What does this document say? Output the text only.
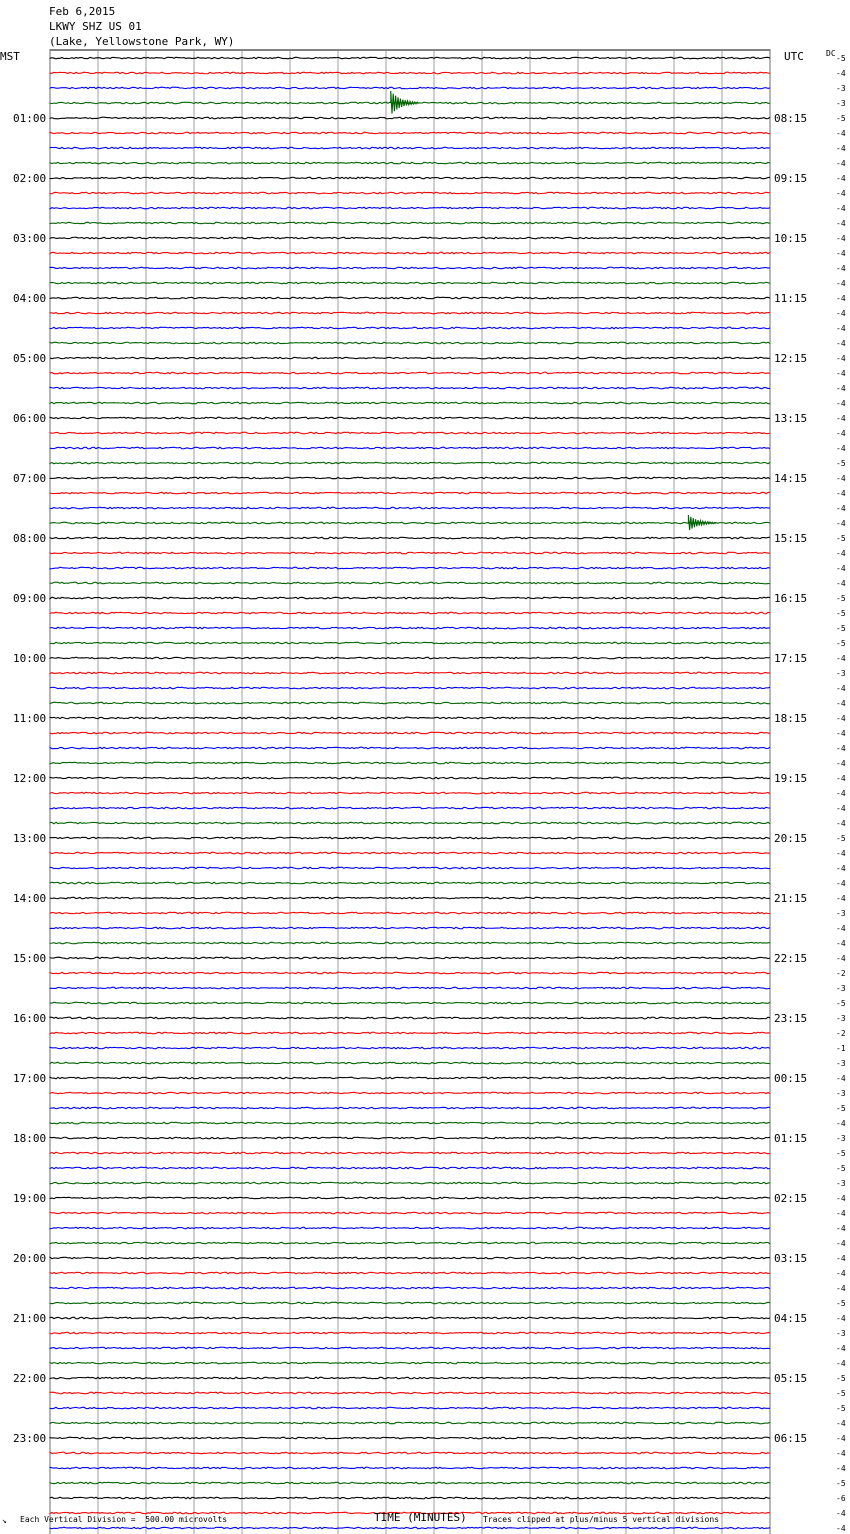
-5
-4
-3
-3
-5
-4
-4
-4
-4
-4
-4
-4
-4
-4
-4
-4
-4
-4
-4
-4
-4
-4
-4
-4
-4
-4
-4
-5
-4
-4
-4
-4
-5
-4
-4
-4
-5
-5
-5
-5
-4
-3
-4
-4
-4
-4
-4
-4
-4
-4
-4
-4
-5
-4
-4
-4
-4
-3
-4
-4
-4
-2
-3
-5
-3
-2
-1
-3
-4
-3
-5
-4
-3
-5
-5
-3
-4
-4
-4
-4
-4
-4
-4
-5
-4
-3
-4
-4
-5
-5
-5
-4
-4
-4
-4
-5
-6
-4
-4
01:00	08:15
02:00	09:15
03:00	10:15
04:00	11:15
05:00	12:15
06:00	13:15
07:00	14:15
08:00	15:15
09:00	16:15
10:00	17:15
11:00	18:15
12:00	19:15
13:00	20:15
14:00	21:15
15:00	22:15
16:00	23:15
17:00	00:15
18:00	01:15
19:00	02:15
20:00	03:15
21:00	04:15
22:00	05:15
23:00	06:15
Feb 6,2015
LKWY SHZ US 01
(Lake, Yellowstone Park, WY)
MST	UTC	DC
↘ Each Vertical Division =  500.00 microvolts	TIME (MINUTES) Traces clipped at plus/minus 5 vertical divisions
